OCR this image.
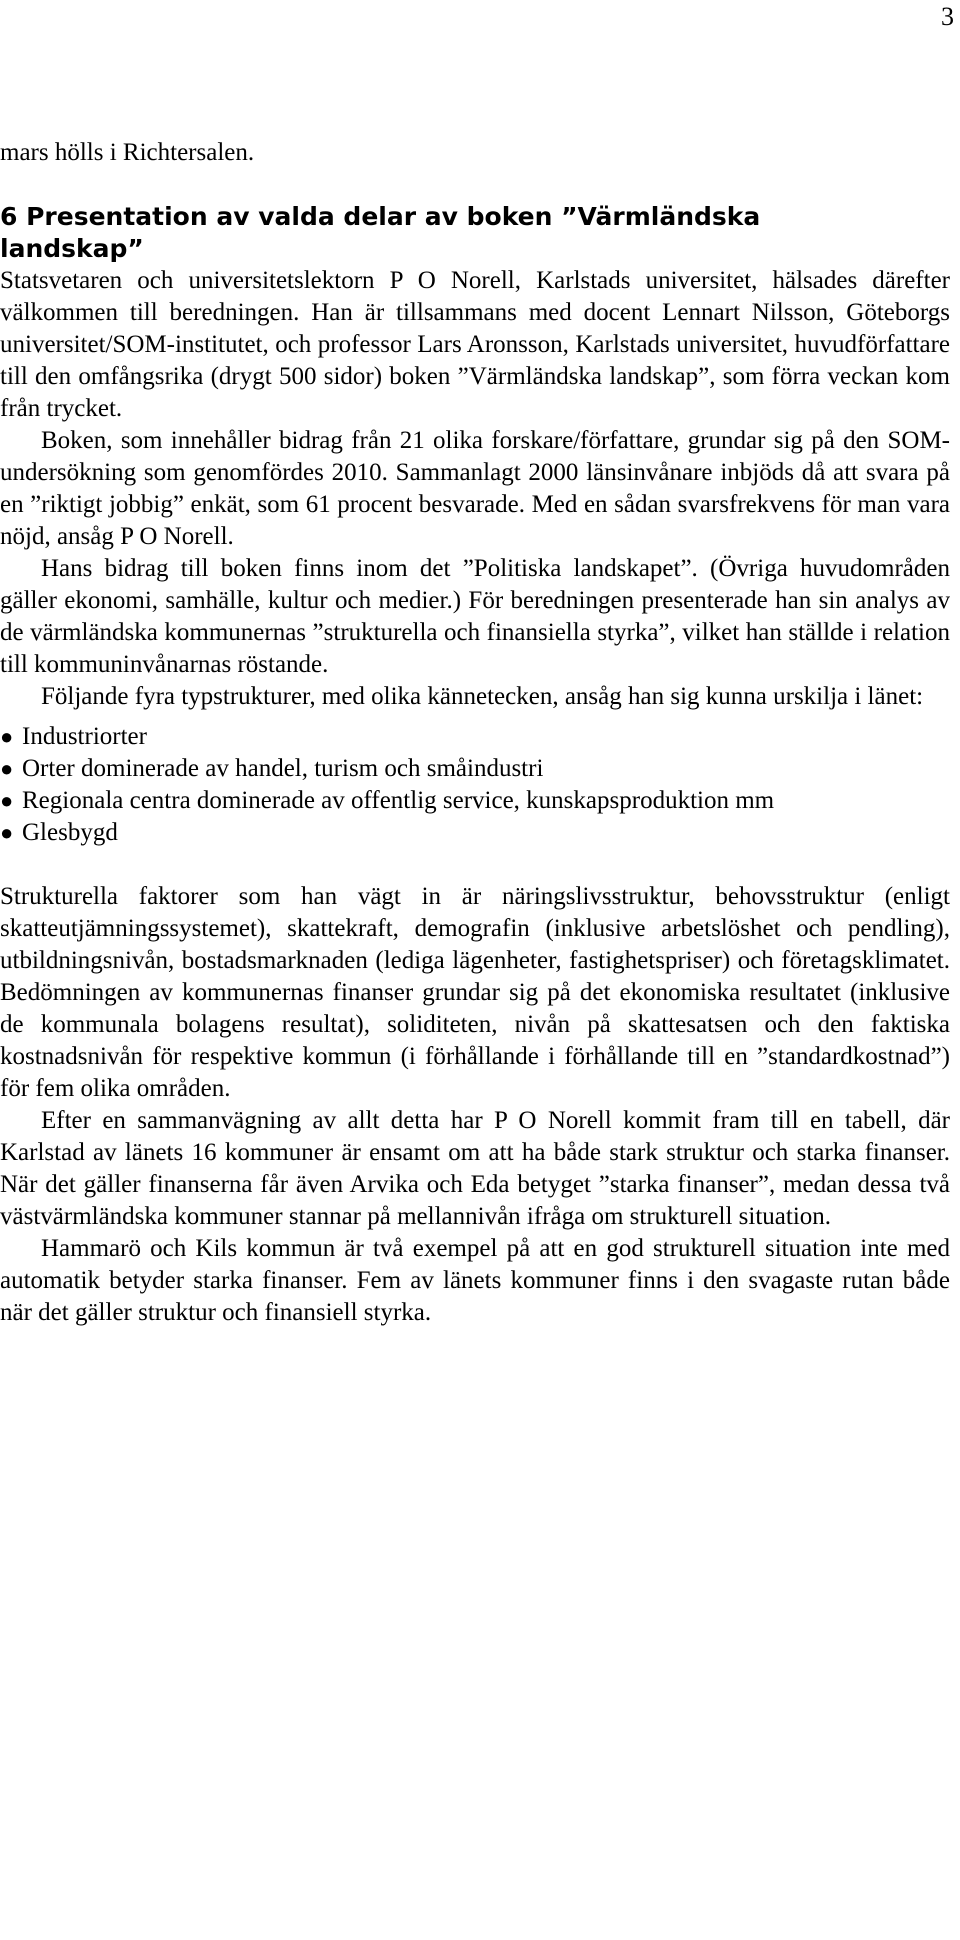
3

mars hölls i Richtersalen.

6 Presentation av valda delar av boken ”Värmländska landskap”

Statsvetaren och universitetslektorn P O Norell, Karlstads universitet, hälsades därefter välkommen till beredningen. Han är tillsammans med docent Lennart Nilsson, Göteborgs universitet/SOM-institutet, och professor Lars Aronsson, Karlstads universitet, huvudförfattare till den omfångsrika (drygt 500 sidor) boken ”Värmländska landskap”, som förra veckan kom från trycket.

Boken, som innehåller bidrag från 21 olika forskare/författare, grundar sig på den SOM-undersökning som genomfördes 2010. Sammanlagt 2000 länsinvånare inbjöds då att svara på en ”riktigt jobbig” enkät, som 61 procent besvarade. Med en sådan svarsfrekvens för man vara nöjd, ansåg P O Norell.

Hans bidrag till boken finns inom det ”Politiska landskapet”. (Övriga huvudområden gäller ekonomi, samhälle, kultur och medier.) För beredningen presenterade han sin analys av de värmländska kommunernas ”strukturella och finansiella styrka”, vilket han ställde i relation till kommuninvånarnas röstande.

Följande fyra typstrukturer, med olika kännetecken, ansåg han sig kunna urskilja i länet:

● Industriorter
● Orter dominerade av handel, turism och småindustri
● Regionala centra dominerade av offentlig service, kunskapsproduktion mm
● Glesbygd

Strukturella faktorer som han vägt in är näringslivsstruktur, behovsstruktur (enligt skatteutjämningssystemet), skattekraft, demografin (inklusive arbetslöshet och pendling), utbildningsnivån, bostadsmarknaden (lediga lägenheter, fastighetspriser) och företagsklimatet. Bedömningen av kommunernas finanser grundar sig på det ekonomiska resultatet (inklusive de kommunala bolagens resultat), soliditeten, nivån på skattesatsen och den faktiska kostnadsnivån för respektive kommun (i förhållande i förhållande till en ”standardkostnad”) för fem olika områden.

Efter en sammanvägning av allt detta har P O Norell kommit fram till en tabell, där Karlstad av länets 16 kommuner är ensamt om att ha både stark struktur och starka finanser. När det gäller finanserna får även Arvika och Eda betyget ”starka finanser”, medan dessa två västvärmländska kommuner stannar på mellannivån ifråga om strukturell situation.

Hammarö och Kils kommun är två exempel på att en god strukturell situation inte med automatik betyder starka finanser. Fem av länets kommuner finns i den svagaste rutan både när det gäller struktur och finansiell styrka.
